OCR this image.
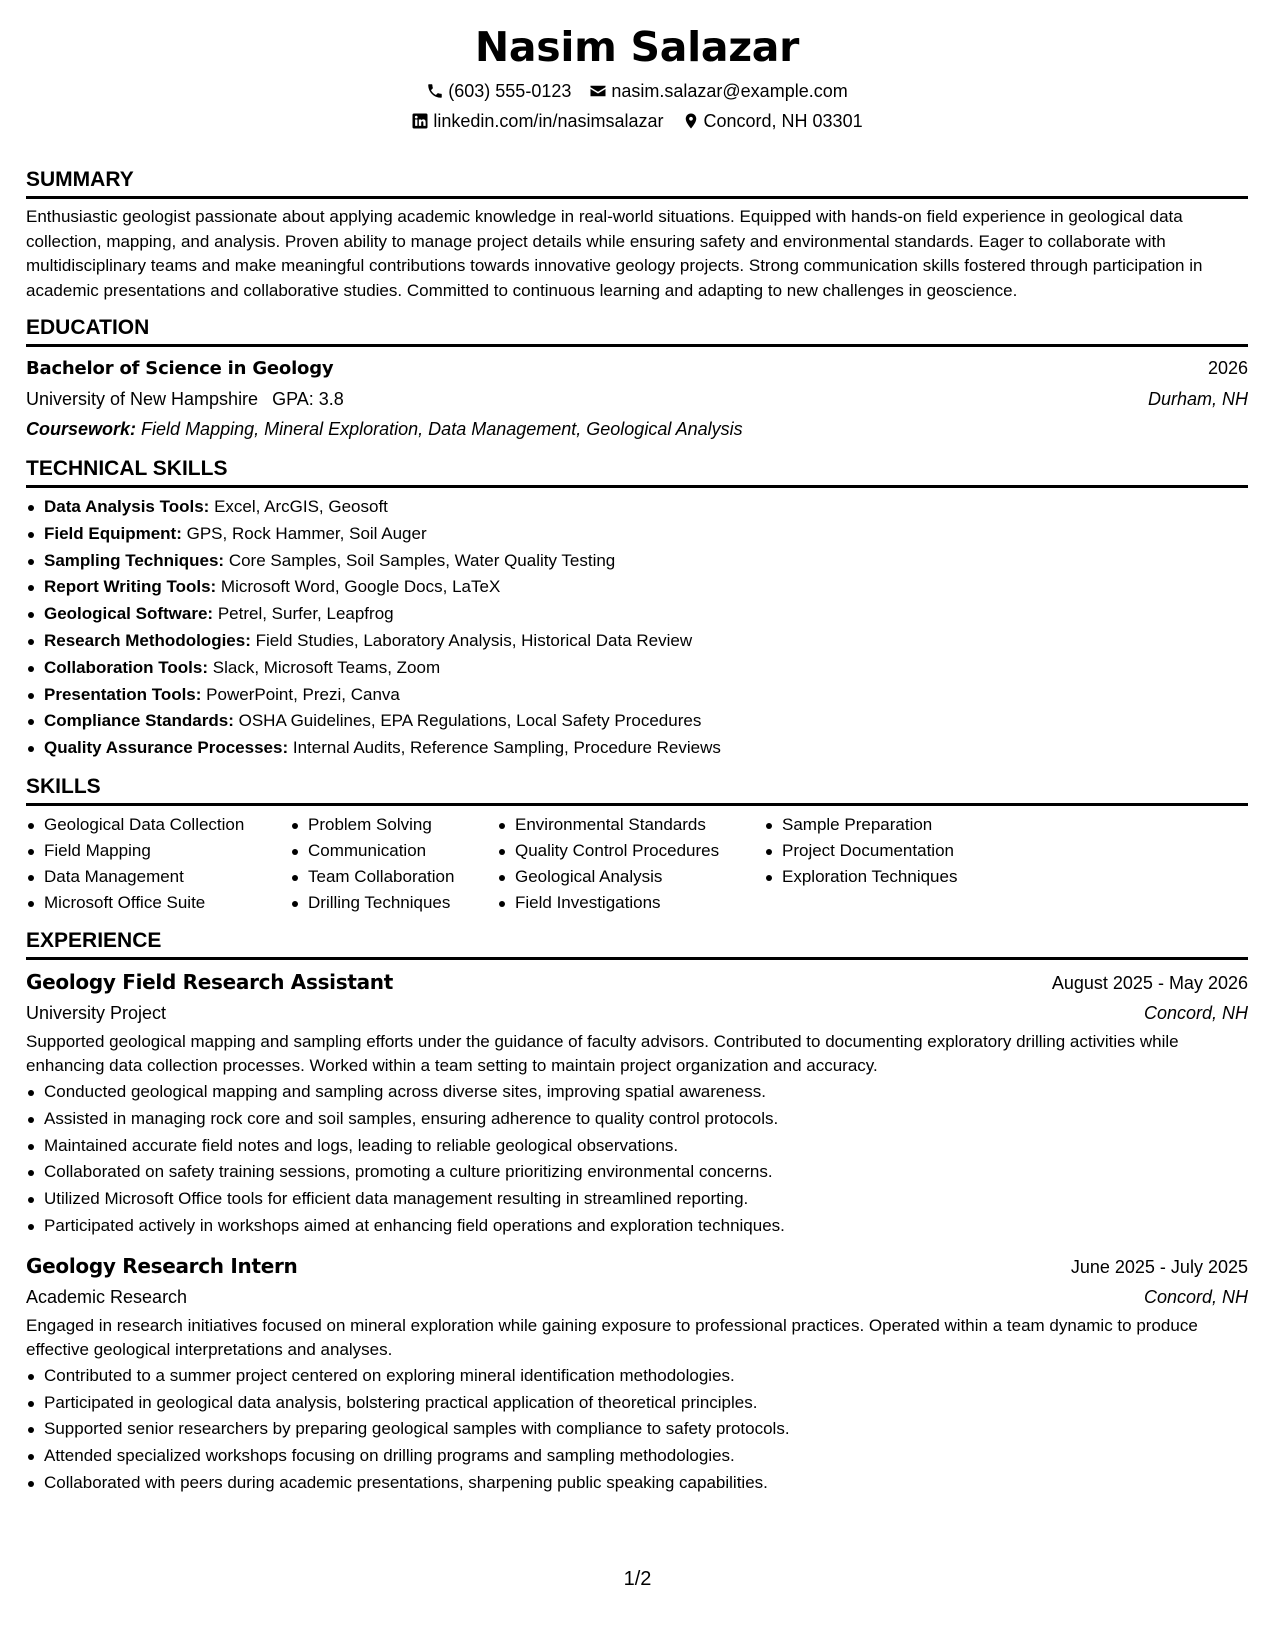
Nasim Salazar
(603) 555-0123 nasim.salazar@example.com
linkedin.com/in/nasimsalazar Concord, NH 03301
SUMMARY
Enthusiastic geologist passionate about applying academic knowledge in real-world situations. Equipped with hands-on field experience in geological data collection, mapping, and analysis. Proven ability to manage project details while ensuring safety and environmental standards. Eager to collaborate with multidisciplinary teams and make meaningful contributions towards innovative geology projects. Strong communication skills fostered through participation in academic presentations and collaborative studies. Committed to continuous learning and adapting to new challenges in geoscience.
EDUCATION
Bachelor of Science in Geology	2026
University of New Hampshire GPA: 3.8	Durham, NH
Coursework: Field Mapping, Mineral Exploration, Data Management, Geological Analysis
TECHNICAL SKILLS
Data Analysis Tools: Excel, ArcGIS, Geosoft
Field Equipment: GPS, Rock Hammer, Soil Auger
Sampling Techniques: Core Samples, Soil Samples, Water Quality Testing
Report Writing Tools: Microsoft Word, Google Docs, LaTeX
Geological Software: Petrel, Surfer, Leapfrog
Research Methodologies: Field Studies, Laboratory Analysis, Historical Data Review
Collaboration Tools: Slack, Microsoft Teams, Zoom
Presentation Tools: PowerPoint, Prezi, Canva
Compliance Standards: OSHA Guidelines, EPA Regulations, Local Safety Procedures
Quality Assurance Processes: Internal Audits, Reference Sampling, Procedure Reviews
SKILLS
Geological Data Collection
Field Mapping
Data Management
Microsoft Office Suite
Problem Solving
Communication
Team Collaboration
Drilling Techniques
Environmental Standards
Quality Control Procedures
Geological Analysis
Field Investigations
Sample Preparation
Project Documentation
Exploration Techniques
EXPERIENCE
Geology Field Research Assistant	August 2025 - May 2026
University Project	Concord, NH
Supported geological mapping and sampling efforts under the guidance of faculty advisors. Contributed to documenting exploratory drilling activities while enhancing data collection processes. Worked within a team setting to maintain project organization and accuracy.
Conducted geological mapping and sampling across diverse sites, improving spatial awareness.
Assisted in managing rock core and soil samples, ensuring adherence to quality control protocols.
Maintained accurate field notes and logs, leading to reliable geological observations.
Collaborated on safety training sessions, promoting a culture prioritizing environmental concerns.
Utilized Microsoft Office tools for efficient data management resulting in streamlined reporting.
Participated actively in workshops aimed at enhancing field operations and exploration techniques.
Geology Research Intern	June 2025 - July 2025
Academic Research	Concord, NH
Engaged in research initiatives focused on mineral exploration while gaining exposure to professional practices. Operated within a team dynamic to produce effective geological interpretations and analyses.
Contributed to a summer project centered on exploring mineral identification methodologies.
Participated in geological data analysis, bolstering practical application of theoretical principles.
Supported senior researchers by preparing geological samples with compliance to safety protocols.
Attended specialized workshops focusing on drilling programs and sampling methodologies.
Collaborated with peers during academic presentations, sharpening public speaking capabilities.
1/2
